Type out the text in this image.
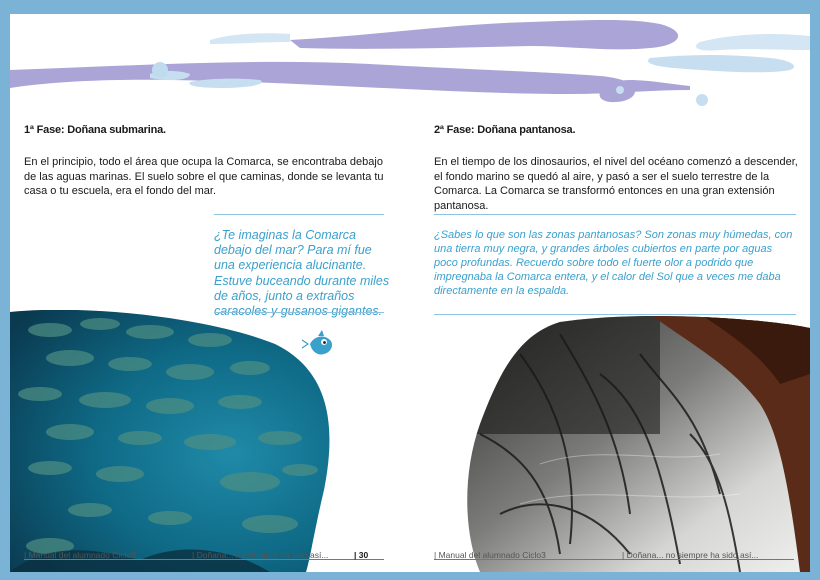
1ª Fase: Doñana submarina.

En el principio, todo el área que ocupa la Comarca, se encontraba debajo de las aguas marinas. El suelo sobre el que caminas, donde se levanta tu casa o tu escuela, era el fondo del mar.

¿Te imaginas la Comarca debajo del mar? Para mí fue una experiencia alucinante. Estuve buceando durante miles de años, junto a extraños

| Manual del alumnado Ciclo3	| Doñana... no siempre ha sido así...	| 30
2ª Fase: Doñana pantanosa.

En el tiempo de los dinosaurios, el nivel del océano comenzó a descender, el fondo marino se quedó al aire, y pasó a ser el suelo terrestre de la Comarca. La Comarca se transformó entonces en una gran extensión pantanosa.

¿Sabes lo que son las zonas pantanosas? Son zonas muy húmedas, con una tierra muy negra, y grandes árboles cubiertos en parte por aguas poco profundas. Recuerdo sobre todo el fuerte olor a podrido que impregnaba la Comarca entera, y el calor del Sol que a veces me daba directamente en la espalda.

| Manual del alumnado Ciclo3	| Doñana... no siempre ha sido así...
